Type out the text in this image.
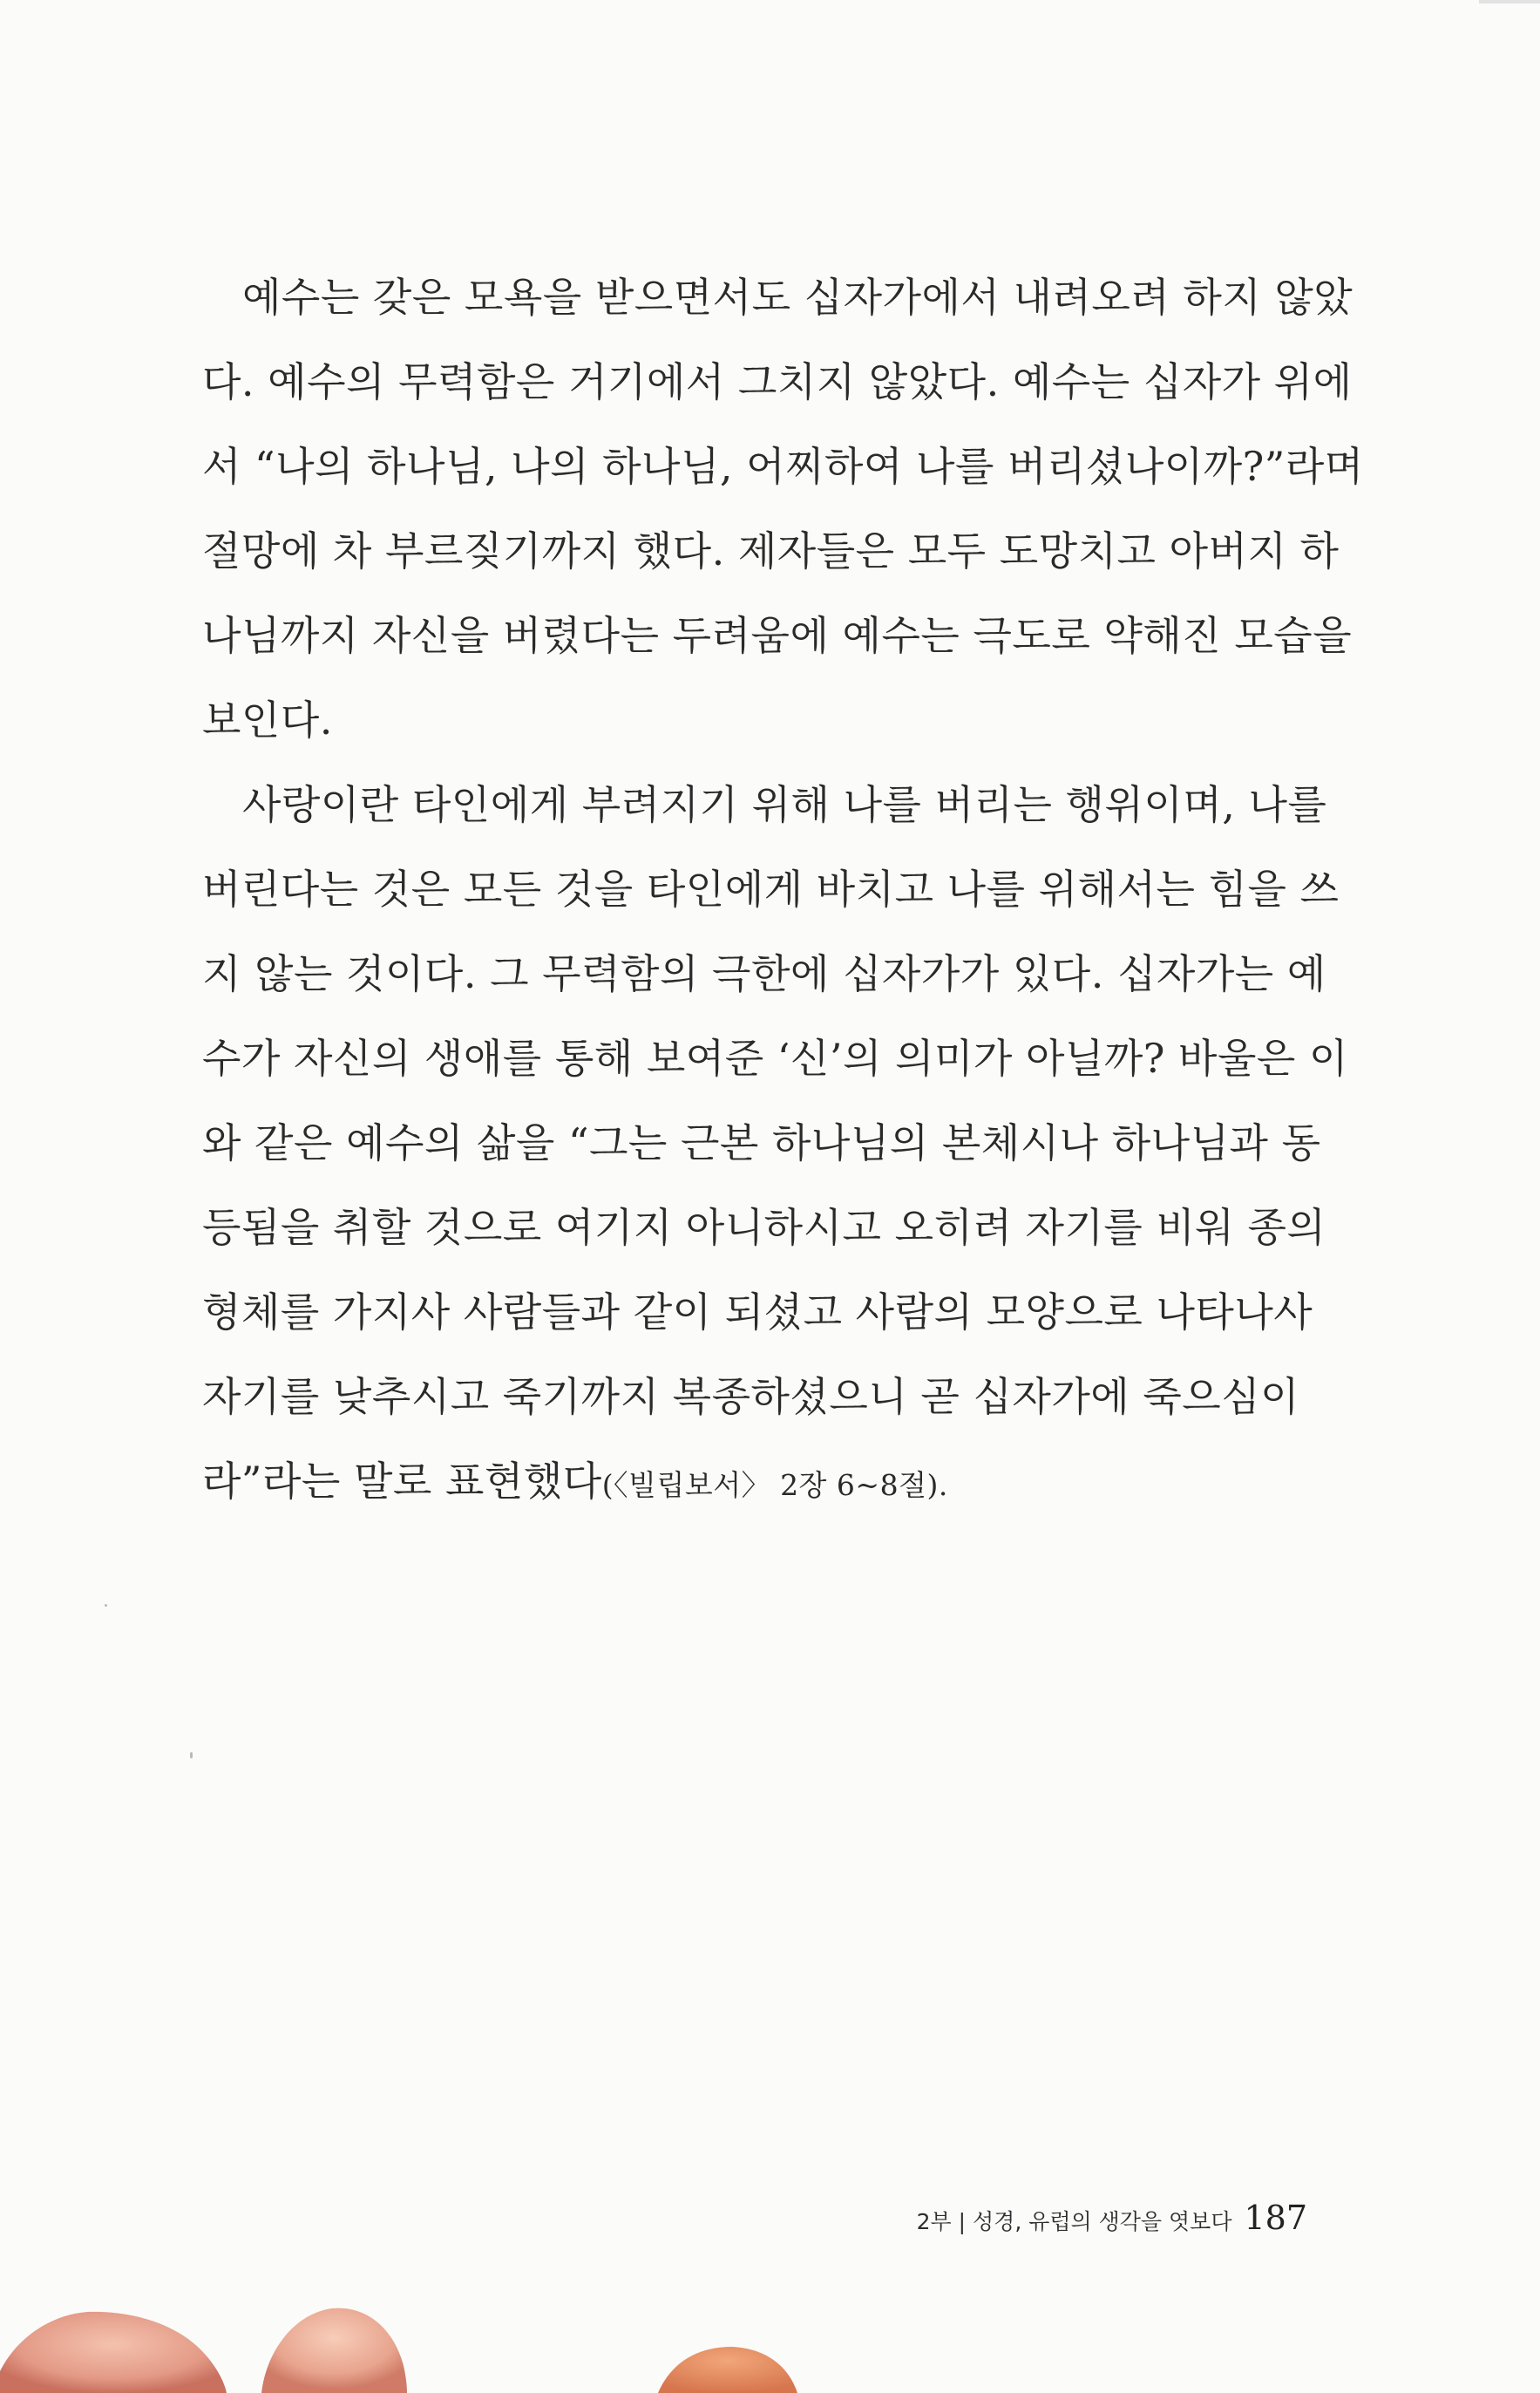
예수는 갖은 모욕을 받으면서도 십자가에서 내려오려 하지 않았
다. 예수의 무력함은 거기에서 그치지 않았다. 예수는 십자가 위에
서 “나의 하나님, 나의 하나님, 어찌하여 나를 버리셨나이까?”라며
절망에 차 부르짖기까지 했다. 제자들은 모두 도망치고 아버지 하
나님까지 자신을 버렸다는 두려움에 예수는 극도로 약해진 모습을
보인다.

사랑이란 타인에게 부려지기 위해 나를 버리는 행위이며, 나를
버린다는 것은 모든 것을 타인에게 바치고 나를 위해서는 힘을 쓰
지 않는 것이다. 그 무력함의 극한에 십자가가 있다. 십자가는 예
수가 자신의 생애를 통해 보여준 ‘신’의 의미가 아닐까? 바울은 이
와 같은 예수의 삶을 “그는 근본 하나님의 본체시나 하나님과 동
등됨을 취할 것으로 여기지 아니하시고 오히려 자기를 비워 종의
형체를 가지사 사람들과 같이 되셨고 사람의 모양으로 나타나사
자기를 낮추시고 죽기까지 복종하셨으니 곧 십자가에 죽으심이
라”라는 말로 표현했다(〈빌립보서〉 2장 6~8절).

2부 | 성경, 유럽의 생각을 엿보다 187
